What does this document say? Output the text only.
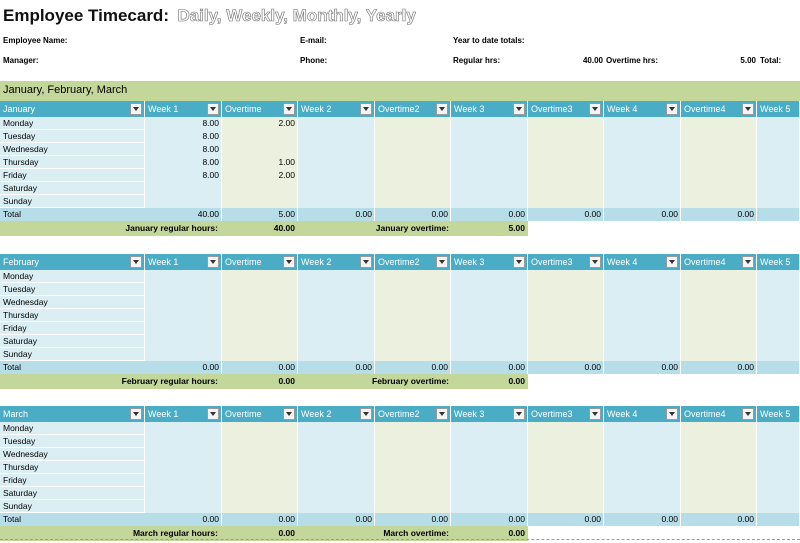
Employee Timecard: Daily, Weekly, Monthly, Yearly
Employee Name:	E-mail:	Year to date totals:
Manager:	Phone:	Regular hrs:	40.00 Overtime hrs:	5.00 Total:
January, February, March
January	Week 1	Overtime	Week 2	Overtime2	Week 3	Overtime3	Week 4	Overtime4	Week 5
Monday	8.00	2.00
Tuesday	8.00
Wednesday	8.00
Thursday	8.00	1.00
Friday	8.00	2.00
Saturday
Sunday
Total	40.00	5.00	0.00	0.00	0.00	0.00	0.00	0.00
January regular hours:	40.00	January overtime:	5.00
February	Week 1	Overtime	Week 2	Overtime2	Week 3	Overtime3	Week 4	Overtime4	Week 5
Monday
Tuesday
Wednesday
Thursday
Friday
Saturday
Sunday
Total	0.00	0.00	0.00	0.00	0.00	0.00	0.00	0.00
February regular hours:	0.00	February overtime:	0.00
March	Week 1	Overtime	Week 2	Overtime2	Week 3	Overtime3	Week 4	Overtime4	Week 5
Monday
Tuesday
Wednesday
Thursday
Friday
Saturday
Sunday
Total	0.00	0.00	0.00	0.00	0.00	0.00	0.00	0.00
March regular hours:	0.00	March overtime:	0.00
